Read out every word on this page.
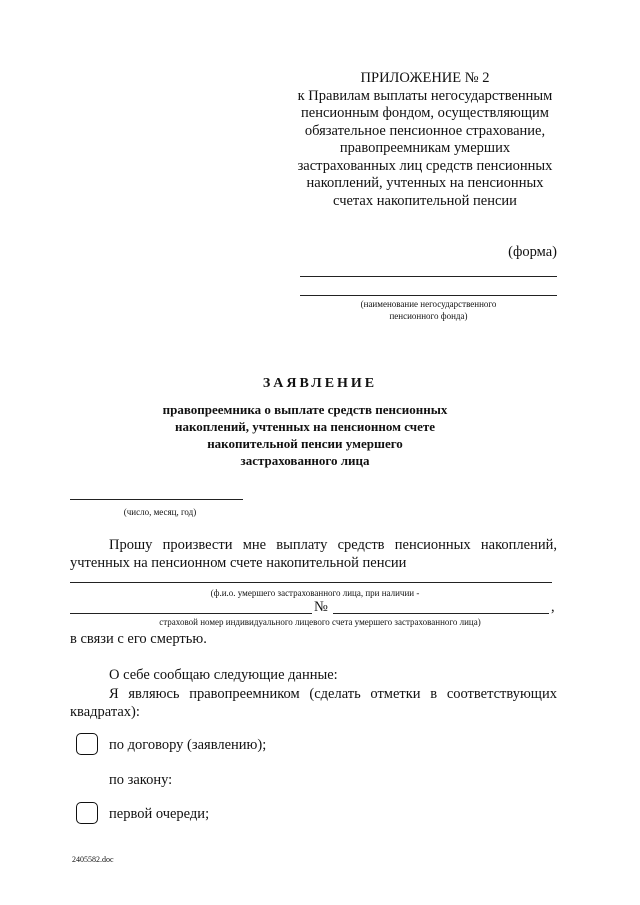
ПРИЛОЖЕНИЕ № 2
к Правилам выплаты негосударственным
пенсионным фондом, осуществляющим
обязательное пенсионное страхование,
правопреемникам умерших
застрахованных лиц средств пенсионных
накоплений, учтенных на пенсионных
счетах накопительной пенсии
(форма)
(наименование негосударственного
пенсионного фонда)
ЗАЯВЛЕНИЕ
правопреемника о выплате средств пенсионных
накоплений, учтенных на пенсионном счете
накопительной пенсии умершего
застрахованного лица
(число, месяц, год)
Прошу произвести мне выплату средств пенсионных накоплений,
учтенных на пенсионном счете накопительной пенсии
(ф.и.о. умершего застрахованного лица, при наличии -
№	,
страховой номер индивидуального лицевого счета умершего застрахованного лица)
в связи с его смертью.
О себе сообщаю следующие данные:
Я являюсь правопреемником (сделать отметки в соответствующих
квадратах):
по договору (заявлению);
по закону:
первой очереди;
2405582.doc
